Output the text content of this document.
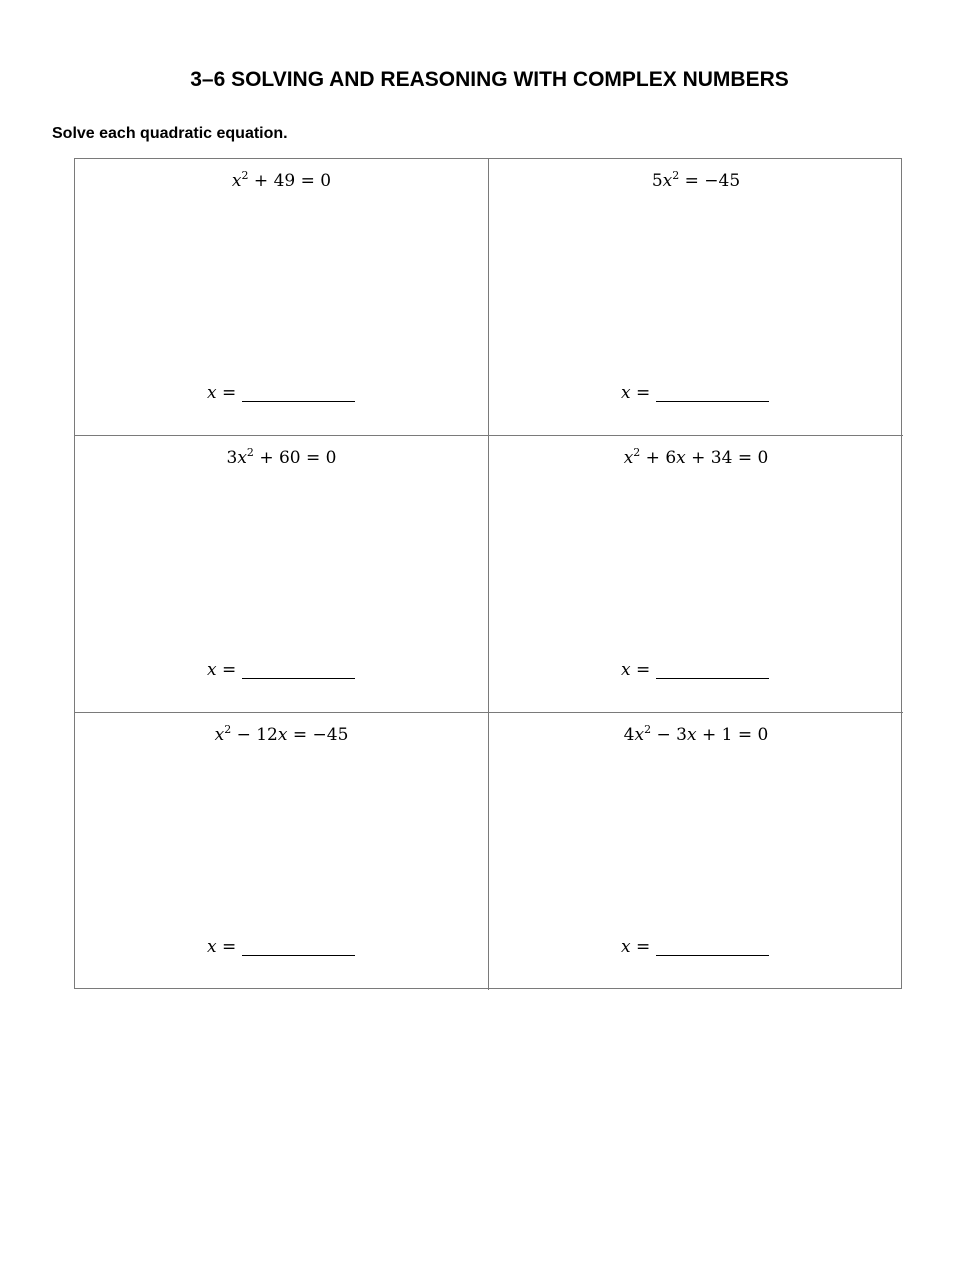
3–6 SOLVING AND REASONING WITH COMPLEX NUMBERS
Solve each quadratic equation.
$x^2 + 49 = 0$
x =
$5x^2 = -45$
x =
$3x^2 + 60 = 0$
x =
$x^2 + 6x + 34 = 0$
x =
$x^2 - 12x = -45$
x =
$4x^2 - 3x + 1 = 0$
x =
